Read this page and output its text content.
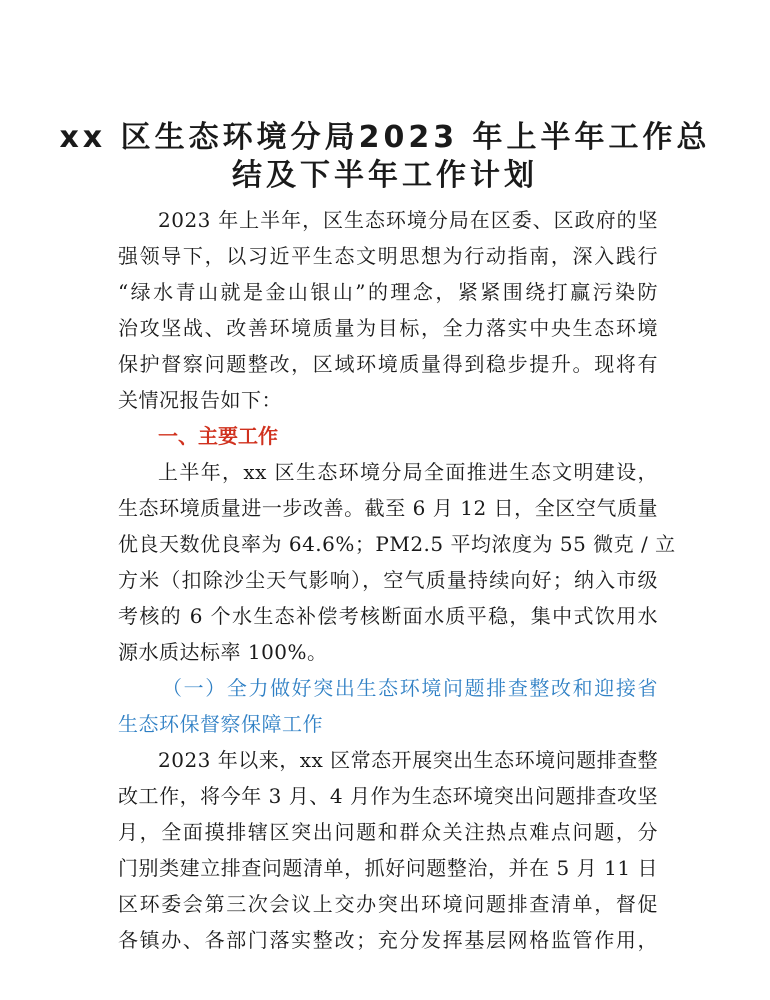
xx 区生态环境分局2023 年上半年工作总
结及下半年工作计划
2023 年上半年，区生态环境分局在区委、区政府的坚
强领导下，以习近平生态文明思想为行动指南，深入践行
“绿水青山就是金山银山”的理念，紧紧围绕打赢污染防
治攻坚战、改善环境质量为目标，全力落实中央生态环境
保护督察问题整改，区域环境质量得到稳步提升。现将有
关情况报告如下：
一、主要工作
上半年，xx 区生态环境分局全面推进生态文明建设，
生态环境质量进一步改善。截至 6 月 12 日，全区空气质量
优良天数优良率为 64.6%；PM2.5 平均浓度为 55 微克 / 立
方米（扣除沙尘天气影响），空气质量持续向好；纳入市级
考核的 6 个水生态补偿考核断面水质平稳，集中式饮用水
源水质达标率 100%。
（一）全力做好突出生态环境问题排查整改和迎接省
生态环保督察保障工作
2023 年以来，xx 区常态开展突出生态环境问题排查整
改工作，将今年 3 月、4 月作为生态环境突出问题排查攻坚
月，全面摸排辖区突出问题和群众关注热点难点问题，分
门别类建立排查问题清单，抓好问题整治，并在 5 月 11 日
区环委会第三次会议上交办突出环境问题排查清单，督促
各镇办、各部门落实整改；充分发挥基层网格监管作用，
